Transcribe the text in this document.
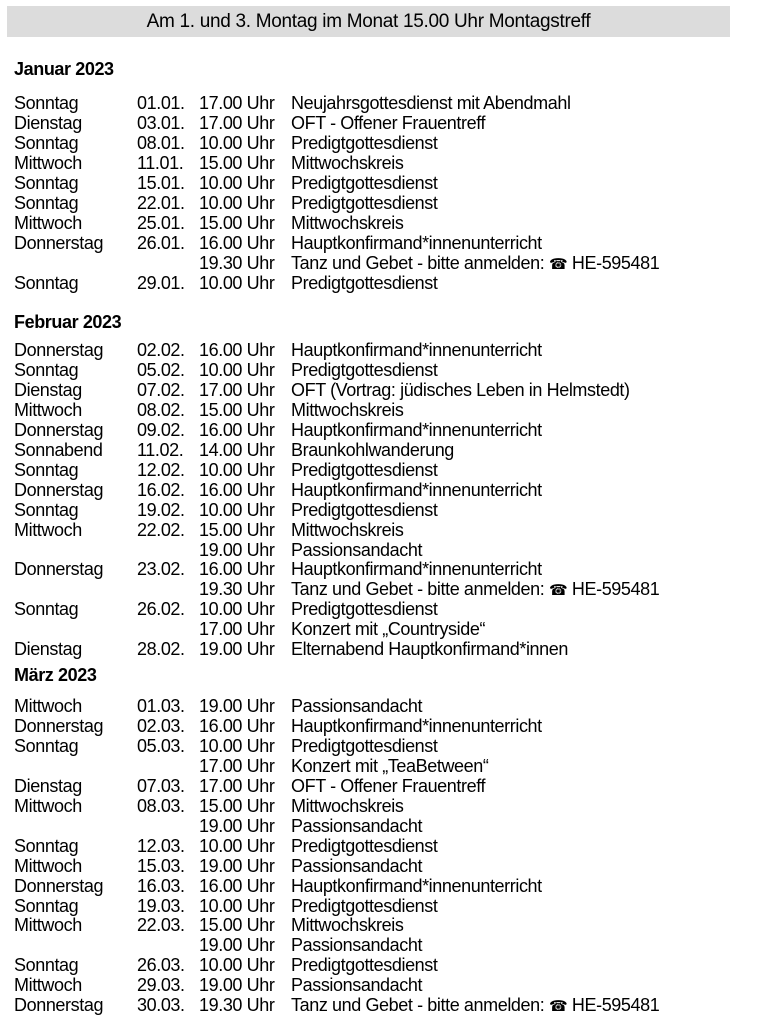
Am 1. und 3. Montag im Monat 15.00 Uhr Montagstreff
Januar 2023
Sonntag	01.01. 17.00 Uhr Neujahrsgottesdienst mit Abendmahl
Dienstag	03.01. 17.00 Uhr OFT - Offener Frauentreff
Sonntag	08.01. 10.00 Uhr Predigtgottesdienst
Mittwoch	11.01. 15.00 Uhr Mittwochskreis
Sonntag	15.01. 10.00 Uhr Predigtgottesdienst
Sonntag	22.01. 10.00 Uhr Predigtgottesdienst
Mittwoch	25.01. 15.00 Uhr Mittwochskreis
Donnerstag 26.01. 16.00 Uhr Hauptkonfirmand*innenunterricht
19.30 Uhr Tanz und Gebet - bitte anmelden: ☎ HE-595481
Sonntag	29.01. 10.00 Uhr Predigtgottesdienst
Februar 2023
Donnerstag 02.02. 16.00 Uhr Hauptkonfirmand*innenunterricht
Sonntag	05.02. 10.00 Uhr Predigtgottesdienst
Dienstag	07.02. 17.00 Uhr OFT (Vortrag: jüdisches Leben in Helmstedt)
Mittwoch	08.02. 15.00 Uhr Mittwochskreis
Donnerstag 09.02. 16.00 Uhr Hauptkonfirmand*innenunterricht
Sonnabend 11.02. 14.00 Uhr Braunkohlwanderung
Sonntag	12.02. 10.00 Uhr Predigtgottesdienst
Donnerstag 16.02. 16.00 Uhr Hauptkonfirmand*innenunterricht
Sonntag	19.02. 10.00 Uhr Predigtgottesdienst
Mittwoch	22.02. 15.00 Uhr Mittwochskreis
19.00 Uhr Passionsandacht
Donnerstag 23.02. 16.00 Uhr Hauptkonfirmand*innenunterricht
19.30 Uhr Tanz und Gebet - bitte anmelden: ☎ HE-595481
Sonntag	26.02. 10.00 Uhr Predigtgottesdienst
17.00 Uhr Konzert mit „Countryside“
Dienstag	28.02. 19.00 Uhr Elternabend Hauptkonfirmand*innen
März 2023
Mittwoch	01.03. 19.00 Uhr Passionsandacht
Donnerstag 02.03. 16.00 Uhr Hauptkonfirmand*innenunterricht
Sonntag	05.03. 10.00 Uhr Predigtgottesdienst
17.00 Uhr Konzert mit „TeaBetween“
Dienstag	07.03. 17.00 Uhr OFT - Offener Frauentreff
Mittwoch	08.03. 15.00 Uhr Mittwochskreis
19.00 Uhr Passionsandacht
Sonntag	12.03. 10.00 Uhr Predigtgottesdienst
Mittwoch	15.03. 19.00 Uhr Passionsandacht
Donnerstag 16.03. 16.00 Uhr Hauptkonfirmand*innenunterricht
Sonntag	19.03. 10.00 Uhr Predigtgottesdienst
Mittwoch	22.03. 15.00 Uhr Mittwochskreis
19.00 Uhr Passionsandacht
Sonntag	26.03. 10.00 Uhr Predigtgottesdienst
Mittwoch	29.03. 19.00 Uhr Passionsandacht
Donnerstag 30.03. 19.30 Uhr Tanz und Gebet - bitte anmelden: ☎ HE-595481
